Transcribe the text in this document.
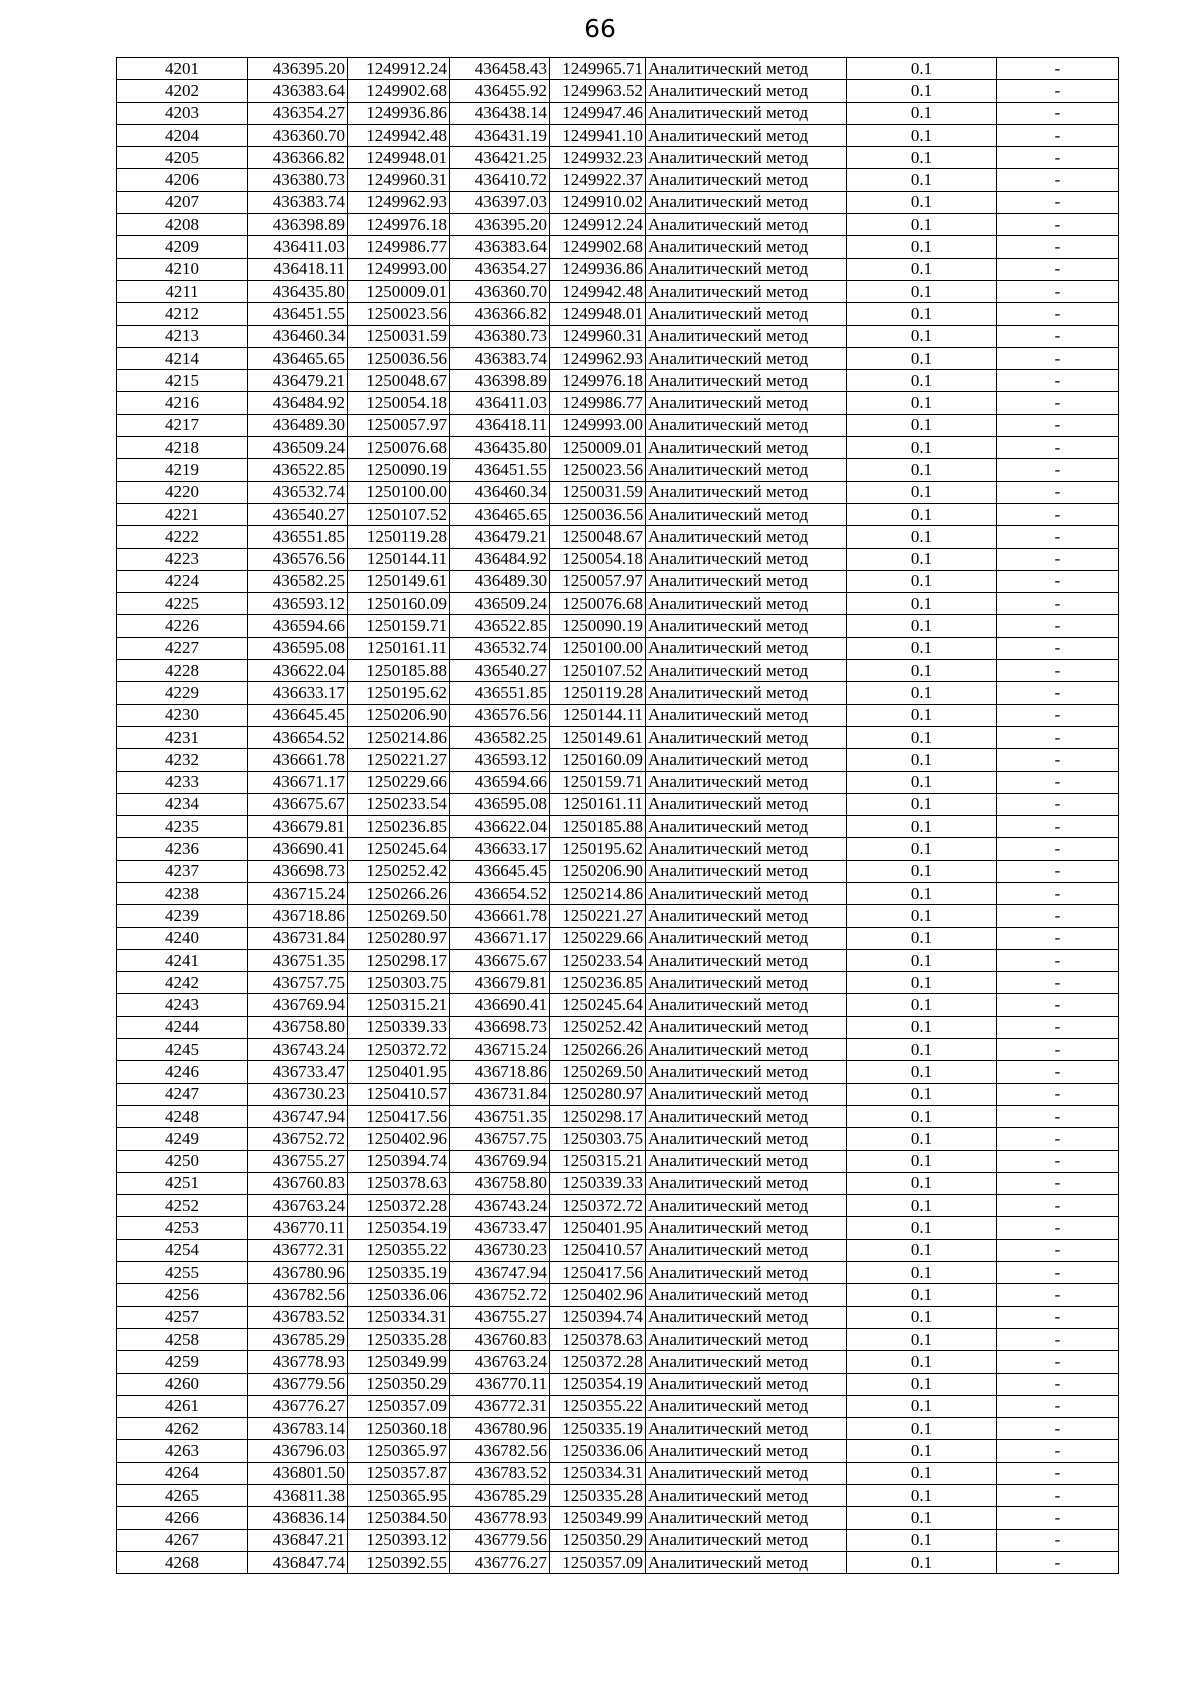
66
4201	436395.20	1249912.24	436458.43	1249965.71	Аналитический метод	0.1	-
4202	436383.64	1249902.68	436455.92	1249963.52	Аналитический метод	0.1	-
4203	436354.27	1249936.86	436438.14	1249947.46	Аналитический метод	0.1	-
4204	436360.70	1249942.48	436431.19	1249941.10	Аналитический метод	0.1	-
4205	436366.82	1249948.01	436421.25	1249932.23	Аналитический метод	0.1	-
4206	436380.73	1249960.31	436410.72	1249922.37	Аналитический метод	0.1	-
4207	436383.74	1249962.93	436397.03	1249910.02	Аналитический метод	0.1	-
4208	436398.89	1249976.18	436395.20	1249912.24	Аналитический метод	0.1	-
4209	436411.03	1249986.77	436383.64	1249902.68	Аналитический метод	0.1	-
4210	436418.11	1249993.00	436354.27	1249936.86	Аналитический метод	0.1	-
4211	436435.80	1250009.01	436360.70	1249942.48	Аналитический метод	0.1	-
4212	436451.55	1250023.56	436366.82	1249948.01	Аналитический метод	0.1	-
4213	436460.34	1250031.59	436380.73	1249960.31	Аналитический метод	0.1	-
4214	436465.65	1250036.56	436383.74	1249962.93	Аналитический метод	0.1	-
4215	436479.21	1250048.67	436398.89	1249976.18	Аналитический метод	0.1	-
4216	436484.92	1250054.18	436411.03	1249986.77	Аналитический метод	0.1	-
4217	436489.30	1250057.97	436418.11	1249993.00	Аналитический метод	0.1	-
4218	436509.24	1250076.68	436435.80	1250009.01	Аналитический метод	0.1	-
4219	436522.85	1250090.19	436451.55	1250023.56	Аналитический метод	0.1	-
4220	436532.74	1250100.00	436460.34	1250031.59	Аналитический метод	0.1	-
4221	436540.27	1250107.52	436465.65	1250036.56	Аналитический метод	0.1	-
4222	436551.85	1250119.28	436479.21	1250048.67	Аналитический метод	0.1	-
4223	436576.56	1250144.11	436484.92	1250054.18	Аналитический метод	0.1	-
4224	436582.25	1250149.61	436489.30	1250057.97	Аналитический метод	0.1	-
4225	436593.12	1250160.09	436509.24	1250076.68	Аналитический метод	0.1	-
4226	436594.66	1250159.71	436522.85	1250090.19	Аналитический метод	0.1	-
4227	436595.08	1250161.11	436532.74	1250100.00	Аналитический метод	0.1	-
4228	436622.04	1250185.88	436540.27	1250107.52	Аналитический метод	0.1	-
4229	436633.17	1250195.62	436551.85	1250119.28	Аналитический метод	0.1	-
4230	436645.45	1250206.90	436576.56	1250144.11	Аналитический метод	0.1	-
4231	436654.52	1250214.86	436582.25	1250149.61	Аналитический метод	0.1	-
4232	436661.78	1250221.27	436593.12	1250160.09	Аналитический метод	0.1	-
4233	436671.17	1250229.66	436594.66	1250159.71	Аналитический метод	0.1	-
4234	436675.67	1250233.54	436595.08	1250161.11	Аналитический метод	0.1	-
4235	436679.81	1250236.85	436622.04	1250185.88	Аналитический метод	0.1	-
4236	436690.41	1250245.64	436633.17	1250195.62	Аналитический метод	0.1	-
4237	436698.73	1250252.42	436645.45	1250206.90	Аналитический метод	0.1	-
4238	436715.24	1250266.26	436654.52	1250214.86	Аналитический метод	0.1	-
4239	436718.86	1250269.50	436661.78	1250221.27	Аналитический метод	0.1	-
4240	436731.84	1250280.97	436671.17	1250229.66	Аналитический метод	0.1	-
4241	436751.35	1250298.17	436675.67	1250233.54	Аналитический метод	0.1	-
4242	436757.75	1250303.75	436679.81	1250236.85	Аналитический метод	0.1	-
4243	436769.94	1250315.21	436690.41	1250245.64	Аналитический метод	0.1	-
4244	436758.80	1250339.33	436698.73	1250252.42	Аналитический метод	0.1	-
4245	436743.24	1250372.72	436715.24	1250266.26	Аналитический метод	0.1	-
4246	436733.47	1250401.95	436718.86	1250269.50	Аналитический метод	0.1	-
4247	436730.23	1250410.57	436731.84	1250280.97	Аналитический метод	0.1	-
4248	436747.94	1250417.56	436751.35	1250298.17	Аналитический метод	0.1	-
4249	436752.72	1250402.96	436757.75	1250303.75	Аналитический метод	0.1	-
4250	436755.27	1250394.74	436769.94	1250315.21	Аналитический метод	0.1	-
4251	436760.83	1250378.63	436758.80	1250339.33	Аналитический метод	0.1	-
4252	436763.24	1250372.28	436743.24	1250372.72	Аналитический метод	0.1	-
4253	436770.11	1250354.19	436733.47	1250401.95	Аналитический метод	0.1	-
4254	436772.31	1250355.22	436730.23	1250410.57	Аналитический метод	0.1	-
4255	436780.96	1250335.19	436747.94	1250417.56	Аналитический метод	0.1	-
4256	436782.56	1250336.06	436752.72	1250402.96	Аналитический метод	0.1	-
4257	436783.52	1250334.31	436755.27	1250394.74	Аналитический метод	0.1	-
4258	436785.29	1250335.28	436760.83	1250378.63	Аналитический метод	0.1	-
4259	436778.93	1250349.99	436763.24	1250372.28	Аналитический метод	0.1	-
4260	436779.56	1250350.29	436770.11	1250354.19	Аналитический метод	0.1	-
4261	436776.27	1250357.09	436772.31	1250355.22	Аналитический метод	0.1	-
4262	436783.14	1250360.18	436780.96	1250335.19	Аналитический метод	0.1	-
4263	436796.03	1250365.97	436782.56	1250336.06	Аналитический метод	0.1	-
4264	436801.50	1250357.87	436783.52	1250334.31	Аналитический метод	0.1	-
4265	436811.38	1250365.95	436785.29	1250335.28	Аналитический метод	0.1	-
4266	436836.14	1250384.50	436778.93	1250349.99	Аналитический метод	0.1	-
4267	436847.21	1250393.12	436779.56	1250350.29	Аналитический метод	0.1	-
4268	436847.74	1250392.55	436776.27	1250357.09	Аналитический метод	0.1	-
